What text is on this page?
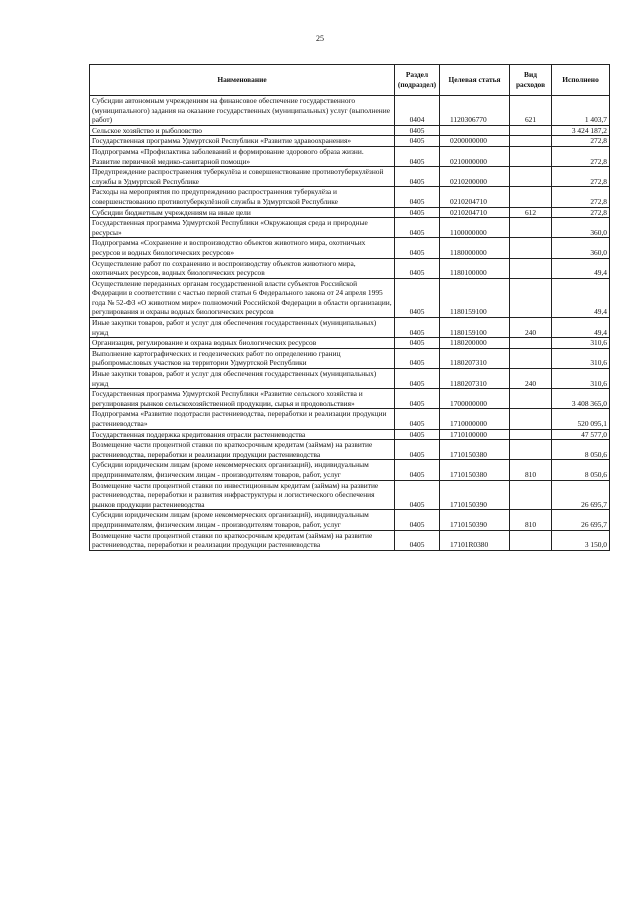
25
Наименование	Раздел (подраздел)	Целевая статья	Вид расходов	Исполнено
Субсидии автономным учреждениям на финансовое обеспечение государственного (муниципального) задания на оказание государственных (муниципальных) услуг (выполнение работ)	0404	1120306770	621	1 403,7
Сельское хозяйство и рыболовство	0405			3 424 187,2
Государственная программа Удмуртской Республики «Развитие здравоохранения»	0405	0200000000		272,8
Подпрограмма «Профилактика заболеваний и формирование здорового образа жизни. Развитие первичной медико-санитарной помощи»	0405	0210000000		272,8
Предупреждение распространения туберкулёза и совершенствование противотуберкулёзной службы в Удмуртской Республике	0405	0210200000		272,8
Расходы на мероприятия по предупреждению распространения туберкулёза и совершенствованию противотуберкулёзной службы в Удмуртской Республике	0405	0210204710		272,8
Субсидии бюджетным учреждениям на иные цели	0405	0210204710	612	272,8
Государственная программа Удмуртской Республики «Окружающая среда и природные ресурсы»	0405	1100000000		360,0
Подпрограмма «Сохранение и воспроизводство объектов животного мира, охотничьих ресурсов и водных биологических ресурсов»	0405	1180000000		360,0
Осуществление работ по сохранению и воспроизводству объектов животного мира, охотничьих ресурсов, водных биологических ресурсов	0405	1180100000		49,4
Осуществление переданных органам государственной власти субъектов Российской Федерации в соответствии с частью первой статьи 6 Федерального закона от 24 апреля 1995 года № 52-ФЗ «О животном мире» полномочий Российской Федерации в области организации, регулирования и охраны водных биологических ресурсов	0405	1180159100		49,4
Иные закупки товаров, работ и услуг для обеспечения государственных (муниципальных) нужд	0405	1180159100	240	49,4
Организация, регулирование и охрана водных биологических ресурсов	0405	1180200000		310,6
Выполнение картографических и геодезических работ по определению границ рыбопромысловых участков на территории Удмуртской Республики	0405	1180207310		310,6
Иные закупки товаров, работ и услуг для обеспечения государственных (муниципальных) нужд	0405	1180207310	240	310,6
Государственная программа Удмуртской Республики «Развитие сельского хозяйства и регулирования рынков сельскохозяйственной продукции, сырья и продовольствия»	0405	1700000000		3 408 365,0
Подпрограмма «Развитие подотрасли растениеводства, переработки и реализации продукции растениеводства»	0405	1710000000		520 095,1
Государственная поддержка кредитования отрасли растениеводства	0405	1710100000		47 577,0
Возмещение части процентной ставки по краткосрочным кредитам (займам) на развитие растениеводства, переработки и реализации продукции растениеводства	0405	1710150380		8 050,6
Субсидии юридическим лицам (кроме некоммерческих организаций), индивидуальным предпринимателям, физическим лицам - производителям товаров, работ, услуг	0405	1710150380	810	8 050,6
Возмещение части процентной ставки по инвестиционным кредитам (займам) на развитие растениеводства, переработки и развития инфраструктуры и логистического обеспечения рынков продукции растениеводства	0405	1710150390		26 695,7
Субсидии юридическим лицам (кроме некоммерческих организаций), индивидуальным предпринимателям, физическим лицам - производителям товаров, работ, услуг	0405	1710150390	810	26 695,7
Возмещение части процентной ставки по краткосрочным кредитам (займам) на развитие растениеводства, переработки и реализации продукции растениеводства	0405	17101R0380		3 150,0
